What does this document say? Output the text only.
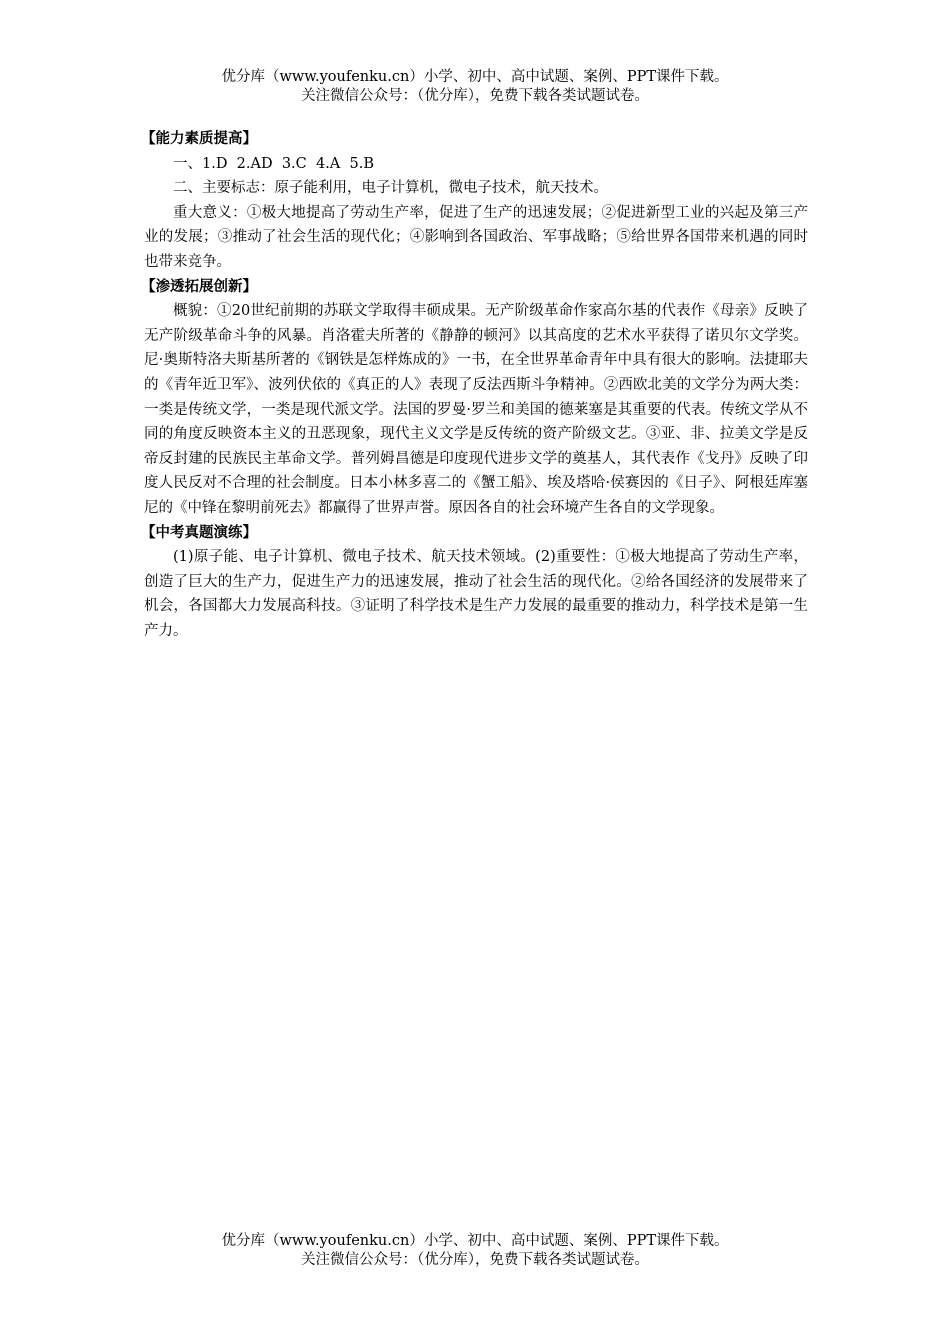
优分库（www.youfenku.cn）小学、初中、高中试题、案例、PPT课件下载。
关注微信公众号：（优分库），免费下载各类试题试卷。
【能力素质提高】
一、1.D  2.AD  3.C  4.A  5.B
二、主要标志：原子能利用，电子计算机，微电子技术，航天技术。
重大意义：①极大地提高了劳动生产率，促进了生产的迅速发展；②促进新型工业的兴起及第三产业的发展；③推动了社会生活的现代化；④影响到各国政治、军事战略；⑤给世界各国带来机遇的同时也带来竞争。
【渗透拓展创新】
概貌：①20世纪前期的苏联文学取得丰硕成果。无产阶级革命作家高尔基的代表作《母亲》反映了无产阶级革命斗争的风暴。肖洛霍夫所著的《静静的顿河》以其高度的艺术水平获得了诺贝尔文学奖。尼·奥斯特洛夫斯基所著的《钢铁是怎样炼成的》一书，在全世界革命青年中具有很大的影响。法捷耶夫的《青年近卫军》、波列伏依的《真正的人》表现了反法西斯斗争精神。②西欧北美的文学分为两大类：一类是传统文学，一类是现代派文学。法国的罗曼·罗兰和美国的德莱塞是其重要的代表。传统文学从不同的角度反映资本主义的丑恶现象，现代主义文学是反传统的资产阶级文艺。③亚、非、拉美文学是反帝反封建的民族民主革命文学。普列姆昌德是印度现代进步文学的奠基人，其代表作《戈丹》反映了印度人民反对不合理的社会制度。日本小林多喜二的《蟹工船》、埃及塔哈·侯赛因的《日子》、阿根廷库塞尼的《中锋在黎明前死去》都赢得了世界声誉。原因各自的社会环境产生各自的文学现象。
【中考真题演练】
(1)原子能、电子计算机、微电子技术、航天技术领域。(2)重要性：①极大地提高了劳动生产率，创造了巨大的生产力，促进生产力的迅速发展，推动了社会生活的现代化。②给各国经济的发展带来了机会，各国都大力发展高科技。③证明了科学技术是生产力发展的最重要的推动力，科学技术是第一生产力。
优分库（www.youfenku.cn）小学、初中、高中试题、案例、PPT课件下载。
关注微信公众号：（优分库），免费下载各类试题试卷。
